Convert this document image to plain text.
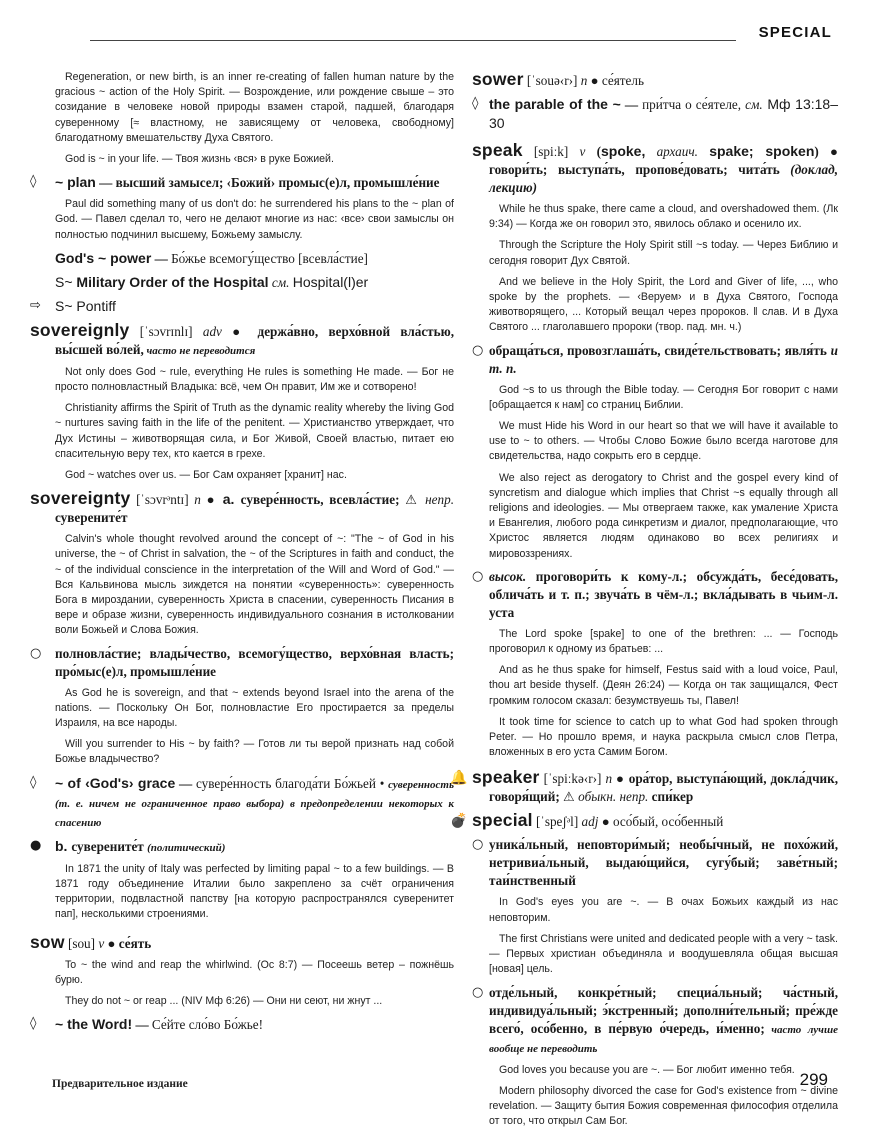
SPECIAL

Regeneration, or new birth, is an inner re-creating of fallen human nature by the gracious ~ action of the Holy Spirit. — Возрождение, или рождение свыше – это созидание в человеке новой природы взамен старой, падшей, благодаря суверенному [≈ властному, не зависящему от человека, свободному] благодатному вмешательству Духа Святого.

God is ~ in your life. — Твоя жизнь ‹вся› в руке Божией.

◊ ~ plan — высший замысел; ‹Божий› промыс(е)л, промышле́ние

Paul did something many of us don't do: he surrendered his plans to the ~ plan of God. — Павел сделал то, чего не делают многие из нас: ‹все› свои замыслы он полностью подчинил высшему, Божьему замыслу.

God's ~ power — Бо́жье всемогу́щество [всевла́стие]
S~ Military Order of the Hospital см. Hospital(l)er
⇨ S~ Pontiff
sovereignly [ˈsɔvrɪnlɪ] adv ● держа́вно, верхо́вной вла́стью, вы́сшей во́лей, часто не переводится

Not only does God ~ rule, everything He rules is something He made. — Бог не просто полновластный Владыка: всё, чем Он правит, Им же и сотворено!

Christianity affirms the Spirit of Truth as the dynamic reality whereby the living God ~ nurtures saving faith in the life of the penitent. — Христианство утверждает, что Дух Истины – животворящая сила, и Бог Живой, Своей властью, питает ею спасительную веру тех, кто кается в грехе.

God ~ watches over us. — Бог Сам охраняет [хранит] нас.

sovereignty [ˈsɔvrᵊntɪ] n ● a. сувере́нность, всевла́стие; ⚠ непр. суверените́т

Calvin's whole thought revolved around the concept of ~: "The ~ of God in his universe, the ~ of Christ in salvation, the ~ of the Scriptures in faith and conduct, the ~ of the individual conscience in the interpretation of the Will and Word of God." — Вся Кальвинова мысль зиждется на понятии «суверенность»: суверенность Бога в мироздании, суверенность Христа в спасении, суверенность Писания в вере и образе жизни, суверенность индивидуального сознания в истолковании воли Божьей и Слова Божия.

○ полновла́стие; влады́чество, всемогу́щество, верхо́вная власть; про́мыс(е)л, промышле́ние

As God he is sovereign, and that ~ extends beyond Israel into the arena of the nations. — Поскольку Он Бог, полновластие Его простирается за пределы Израиля, на все народы.

Will you surrender to His ~ by faith? — Готов ли ты верой признать над собой Божье владычество?

◊ ~ of ‹God's› grace — сувере́нность благода́ти Бо́жьей • суверенность (т. е. ничем не ограниченное право выбора) в предопределении некоторых к спасению
● b. суверените́т (политический)

In 1871 the unity of Italy was perfected by limiting papal ~ to a few buildings. — В 1871 году объединение Италии было закреплено за счёт ограничения территории, подвластной папству [на которую распространялся суверенитет пап], несколькими строениями.

sow [sou] v ● се́ять

To ~ the wind and reap the whirlwind. (Ос 8:7) — Посеешь ветер – пожнёшь бурю.

They do not ~ or reap ... (NIV Мф 6:26) — Они ни сеют, ни жнут ...

◊ ~ the Word! — Се́йте сло́во Бо́жье!
sower [ˈsouə‹r›] n ● се́ятель
◊ the parable of the ~ — при́тча о се́ятеле, см. Мф 13:18–30
speak [spiːk] v (spoke, архаич. spake; spoken) ● говори́ть; выступа́ть, пропове́довать; чита́ть (доклад, лекцию)

While he thus spake, there came a cloud, and overshadowed them. (Лк 9:34) — Когда же он говорил это, явилось облако и осенило их.

Through the Scripture the Holy Spirit still ~s today. — Через Библию и сегодня говорит Дух Святой.

And we believe in the Holy Spirit, the Lord and Giver of life, ..., who spoke by the prophets. — ‹Веруем› и в Духа Святого, Господа животворящего, ... Который вещал через пророков. ‖ слав. И в Духа Святого ... глаголавшего пророки (твор. пад. мн. ч.)

○ обраща́ться, провозглаша́ть, свиде́тельствовать; явля́ть и т. п.

God ~s to us through the Bible today. — Сегодня Бог говорит с нами [обращается к нам] со страниц Библии.

We must Hide his Word in our heart so that we will have it available to use to ~ to others. — Чтобы Слово Божие было всегда наготове для свидетельства, надо сокрыть его в сердце.

We also reject as derogatory to Christ and the gospel every kind of syncretism and dialogue which implies that Christ ~s equally through all religions and ideologies. — Мы отвергаем также, как умаление Христа и Евангелия, любого рода синкретизм и диалог, предполагающие, что Христос является людям одинаково во всех религиях и мировоззрениях.

○ высок. проговори́ть к кому-л.; обсужда́ть, бесе́довать, облича́ть и т. п.; звуча́ть в чём-л.; вкла́дывать в чьим-л. уста

The Lord spoke [spake] to one of the brethren: ... — Господь проговорил к одному из братьев: ...

And as he thus spake for himself, Festus said with a loud voice, Paul, thou art beside thyself. (Деян 26:24) — Когда он так защищался, Фест громким голосом сказал: безумствуешь ты, Павел!

It took time for science to catch up to what God had spoken through Peter. — Но прошло время, и наука раскрыла смысл слов Петра, вложенных в его уста Самим Богом.

🔔 speaker [ˈspiːkə‹r›] n ● ора́тор, выступа́ющий, докла́дчик, говоря́щий; ⚠ обыкн. непр. спи́кер
💣 special [ˈspeʃᵊl] adj ● осо́бый, осо́бенный
○ уника́льный, неповтори́мый; необы́чный, не похо́жий, нетривиа́льный, выдаю́щийся, сугу́бый; заве́тный; таи́нственный

In God's eyes you are ~. — В очах Божьих каждый из нас неповторим.

The first Christians were united and dedicated people with a very ~ task. — Первых христиан объединяла и воодушевляла общая высшая [новая] цель.

○ отде́льный, конкре́тный; специа́льный; ча́стный, индивидуа́льный; э́кстренный; дополни́тельный; пре́жде всего́, осо́бенно, в пе́рвую о́чередь, и́менно; часто лучше вообще не переводить

God loves you because you are ~. — Бог любит именно тебя.

Modern philosophy divorced the case for God's existence from ~ divine revelation. — Защиту бытия Божия современная философия отделила от того, что открыл Сам Бог.

Предварительное издание	299
